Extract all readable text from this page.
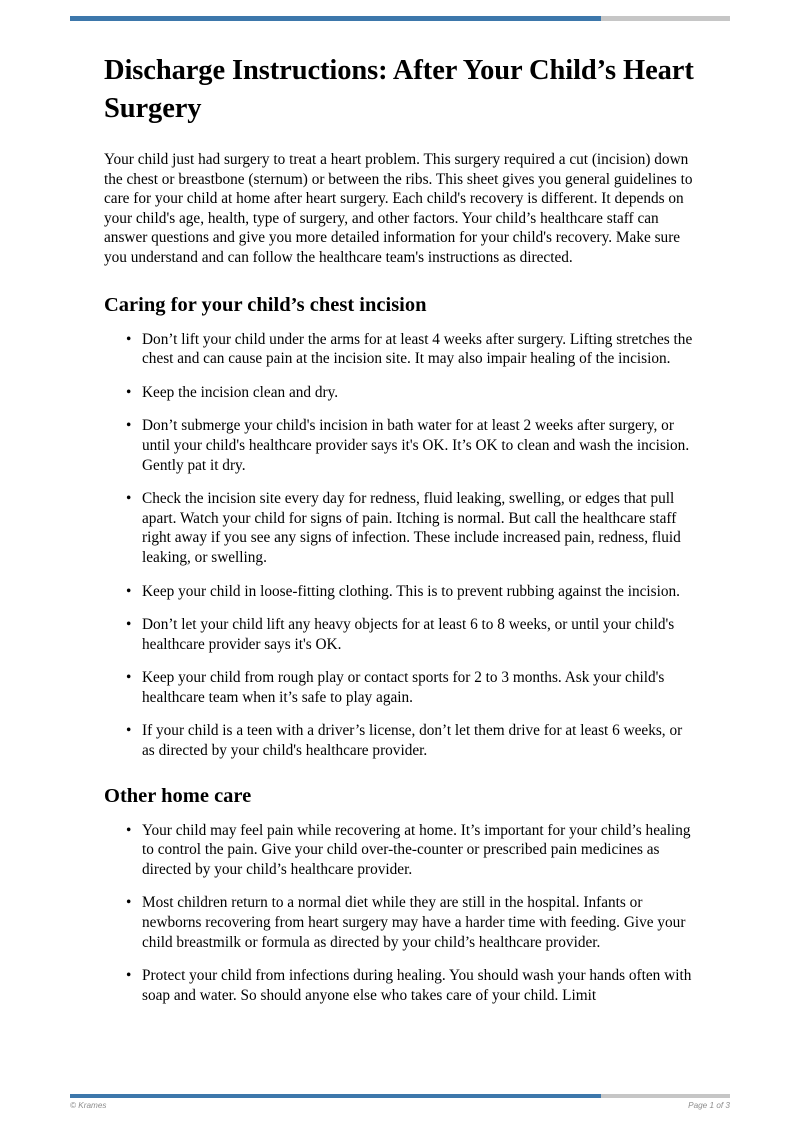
Discharge Instructions: After Your Child’s Heart Surgery

Your child just had surgery to treat a heart problem. This surgery required a cut (incision) down the chest or breastbone (sternum) or between the ribs. This sheet gives you general guidelines to care for your child at home after heart surgery. Each child's recovery is different. It depends on your child's age, health, type of surgery, and other factors. Your child’s healthcare staff can answer questions and give you more detailed information for your child's recovery. Make sure you understand and can follow the healthcare team's instructions as directed.

Caring for your child’s chest incision
• Don’t lift your child under the arms for at least 4 weeks after surgery. Lifting stretches the chest and can cause pain at the incision site. It may also impair healing of the incision.
• Keep the incision clean and dry.
• Don’t submerge your child's incision in bath water for at least 2 weeks after surgery, or until your child's healthcare provider says it's OK. It’s OK to clean and wash the incision. Gently pat it dry.
• Check the incision site every day for redness, fluid leaking, swelling, or edges that pull apart. Watch your child for signs of pain. Itching is normal. But call the healthcare staff right away if you see any signs of infection. These include increased pain, redness, fluid leaking, or swelling.
• Keep your child in loose-fitting clothing. This is to prevent rubbing against the incision.
• Don’t let your child lift any heavy objects for at least 6 to 8 weeks, or until your child's healthcare provider says it's OK.
• Keep your child from rough play or contact sports for 2 to 3 months. Ask your child's healthcare team when it’s safe to play again.
• If your child is a teen with a driver’s license, don’t let them drive for at least 6 weeks, or as directed by your child's healthcare provider.
Other home care
• Your child may feel pain while recovering at home. It’s important for your child’s healing to control the pain. Give your child over-the-counter or prescribed pain medicines as directed by your child’s healthcare provider.
• Most children return to a normal diet while they are still in the hospital. Infants or newborns recovering from heart surgery may have a harder time with feeding. Give your child breastmilk or formula as directed by your child’s healthcare provider.
• Protect your child from infections during healing. You should wash your hands often with soap and water. So should anyone else who takes care of your child. Limit
© Krames	Page 1 of 3
